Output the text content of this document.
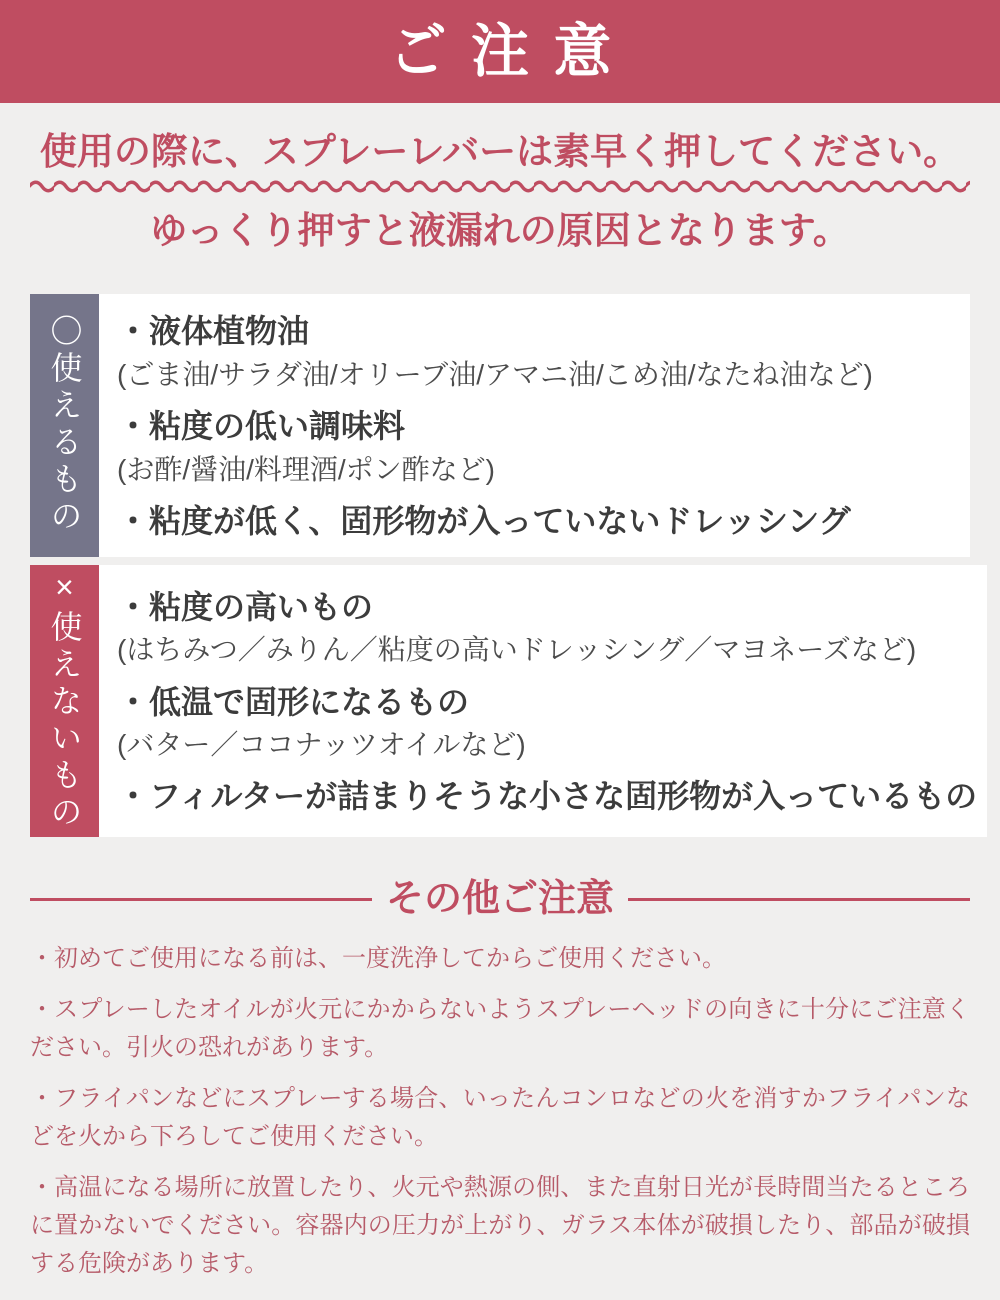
ご注意
使用の際に、スプレーレバーは素早く押してください。
ゆっくり押すと液漏れの原因となります。
〇使えるもの ・液体植物油
(ごま油/サラダ油/オリーブ油/アマニ油/こめ油/なたね油など)
・粘度の低い調味料
(お酢/醤油/料理酒/ポン酢など)
・粘度が低く、固形物が入っていないドレッシング
×使えないもの ・粘度の高いもの
(はちみつ／みりん／粘度の高いドレッシング／マヨネーズなど)
・低温で固形になるもの
(バター／ココナッツオイルなど)
・フィルターが詰まりそうな小さな固形物が入っているもの
その他ご注意

・初めてご使用になる前は、一度洗浄してからご使用ください。

・スプレーしたオイルが火元にかからないようスプレーヘッドの向きに十分にご注意ください。引火の恐れがあります。

・フライパンなどにスプレーする場合、いったんコンロなどの火を消すかフライパンなどを火から下ろしてご使用ください。

・高温になる場所に放置したり、火元や熱源の側、また直射日光が長時間当たるところに置かないでください。容器内の圧力が上がり、ガラス本体が破損したり、部品が破損する危険があります。
